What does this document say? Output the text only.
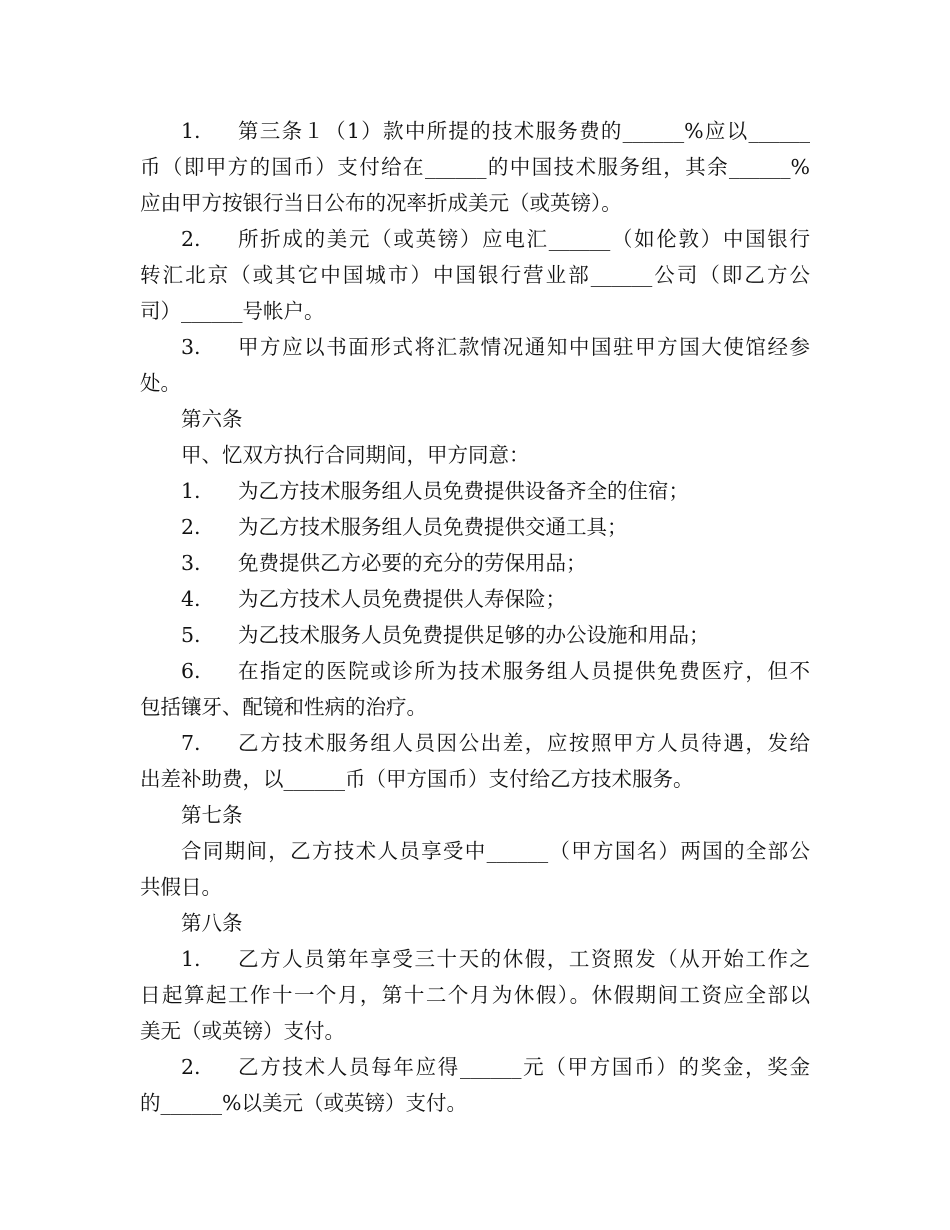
1.	第三条１（1）款中所提的技术服务费的______%应以______
币（即甲方的国币）支付给在______的中国技术服务组，其余______%
应由甲方按银行当日公布的况率折成美元（或英镑）。
2.	所折成的美元（或英镑）应电汇______（如伦敦）中国银行
转汇北京（或其它中国城市）中国银行营业部______公司（即乙方公
司）______号帐户。
3.	甲方应以书面形式将汇款情况通知中国驻甲方国大使馆经参
处。
第六条
甲、忆双方执行合同期间，甲方同意：
1.	为乙方技术服务组人员免费提供设备齐全的住宿；
2.	为乙方技术服务组人员免费提供交通工具；
3.	免费提供乙方必要的充分的劳保用品；
4.	为乙方技术人员免费提供人寿保险；
5.	为乙技术服务人员免费提供足够的办公设施和用品；
6.	在指定的医院或诊所为技术服务组人员提供免费医疗，但不
包括镶牙、配镜和性病的治疗。
7.	乙方技术服务组人员因公出差，应按照甲方人员待遇，发给
出差补助费，以______币（甲方国币）支付给乙方技术服务。
第七条
合同期间，乙方技术人员享受中______（甲方国名）两国的全部公
共假日。
第八条
1.	乙方人员第年享受三十天的休假，工资照发（从开始工作之
日起算起工作十一个月，第十二个月为休假）。休假期间工资应全部以
美无（或英镑）支付。
2.	乙方技术人员每年应得______元（甲方国币）的奖金，奖金
的______%以美元（或英镑）支付。
